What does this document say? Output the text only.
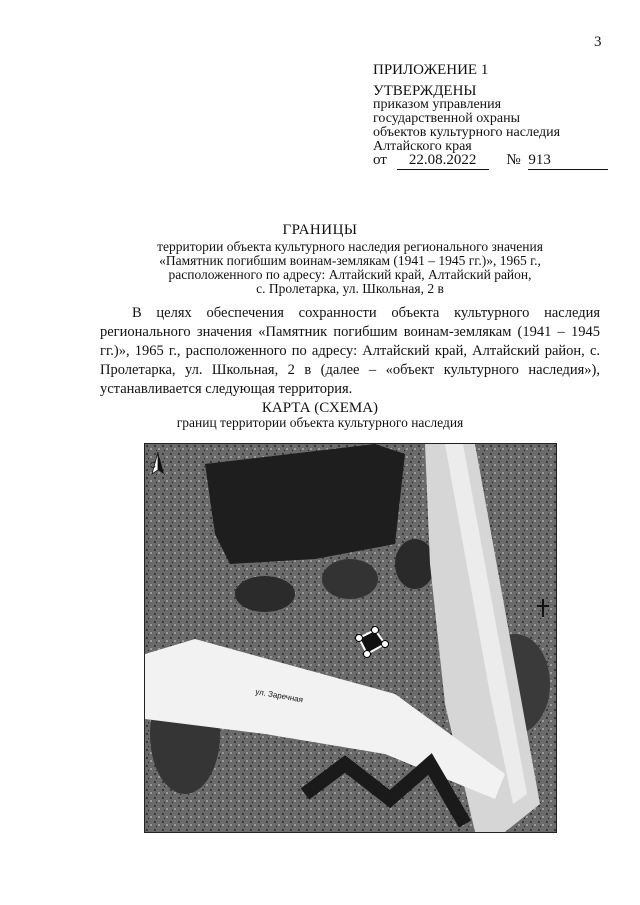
3
ПРИЛОЖЕНИЕ 1
УТВЕРЖДЕНЫ
приказом управления
государственной охраны
объектов культурного наследия
Алтайского края
от 22.08.2022 № 913
ГРАНИЦЫ
территории объекта культурного наследия регионального значения
«Памятник погибшим воинам-землякам (1941 – 1945 гг.)», 1965 г.,
расположенного по адресу: Алтайский край, Алтайский район,
с. Пролетарка, ул. Школьная, 2 в
В целях обеспечения сохранности объекта культурного наследия регионального значения «Памятник погибшим воинам-землякам (1941 – 1945 гг.)», 1965 г., расположенного по адресу: Алтайский край, Алтайский район, с. Пролетарка, ул. Школьная, 2 в (далее – «объект культурного наследия»), устанавливается следующая территория.
КАРТА (СХЕМА)
границ территории объекта культурного наследия
ул. Заречная
С
